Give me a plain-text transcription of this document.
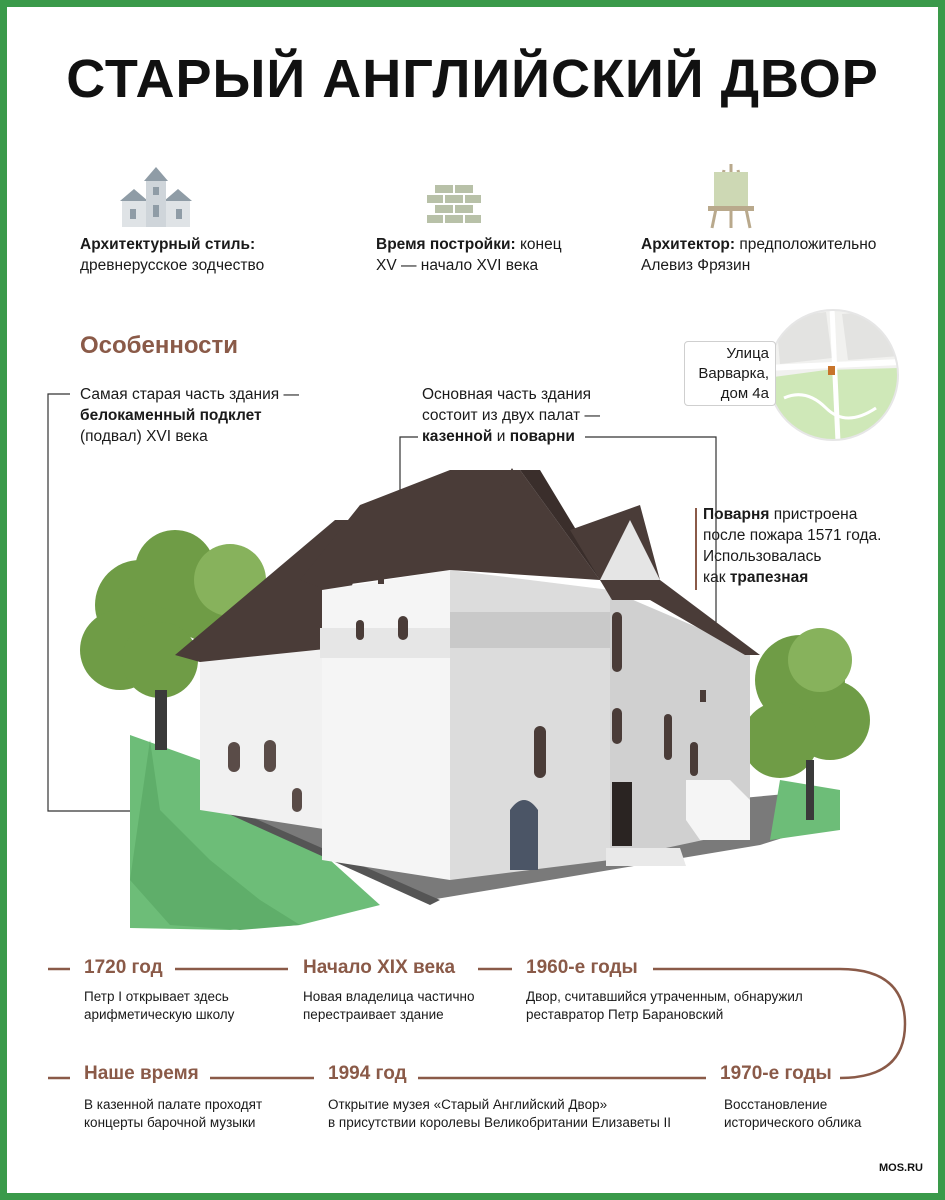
СТАРЫЙ АНГЛИЙСКИЙ ДВОР
Архитектурный стиль:
древнерусское зодчество
Время постройки: конец
XV — начало XVI века
Архитектор: предположительно
Алевиз Фрязин
Особенности	Улица
Варварка,
дом 4а
Самая старая часть здания —
белокаменный подклет
(подвал) XVI века
Основная часть здания
состоит из двух палат —
казенной и поварни
Поварня пристроена
после пожара 1571 года.
Использовалась
как трапезная
1720 год
Петр I открывает здесь
арифметическую школу
Начало XIX века
Новая владелица частично
перестраивает здание
1960-е годы
Двор, считавшийся утраченным, обнаружил
реставратор Петр Барановский
Наше время
В казенной палате проходят
концерты барочной музыки
1994 год
Открытие музея «Старый Английский Двор»
в присутствии королевы Великобритании Елизаветы II
1970-е годы
Восстановление
исторического облика
MOS.RU
